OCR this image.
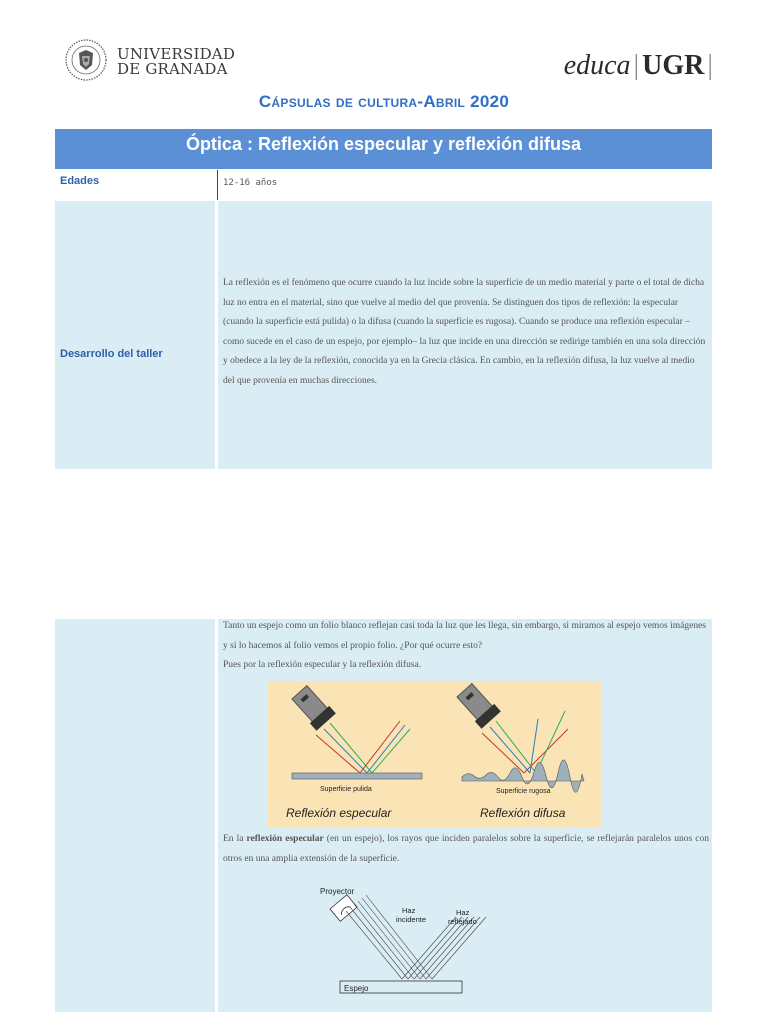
UNIVERSIDAD
DE GRANADA	educa | UGR |
Cápsulas de cultura-Abril 2020
Óptica : Reflexión especular y reflexión difusa
Edades	12-16 años
Desarrollo del taller
La reflexión es el fenómeno que ocurre cuando la luz incide sobre la superficie de un medio material y parte o el total de dicha luz no entra en el material, sino que vuelve al medio del que provenía. Se distinguen dos tipos de reflexión: la especular (cuando la superficie está pulida) o la difusa (cuando la superficie es rugosa). Cuando se produce una reflexión especular –como sucede en el caso de un espejo, por ejemplo– la luz que incide en una dirección se redirige también en una sola dirección y obedece a la ley de la reflexión, conocida ya en la Grecia clásica. En cambio, en la reflexión difusa, la luz vuelve al medio del que provenía en muchas direcciones.
Tanto un espejo como un folio blanco reflejan casi toda la luz que les llega, sin embargo, si miramos al espejo vemos imágenes y si lo hacemos al folio vemos el propio folio. ¿Por qué ocurre esto?
Pues por la reflexión especular y la reflexión difusa.
Superficie pulida
Reflexión especular
Superficie rugosa
Reflexión difusa
En la reflexión especular (en un espejo), los rayos que inciden paralelos sobre la superficie, se reflejarán paralelos unos con otros en una amplia extensión de la superficie.
Proyector
Haz
incidente
Haz
reflejado
Espejo
